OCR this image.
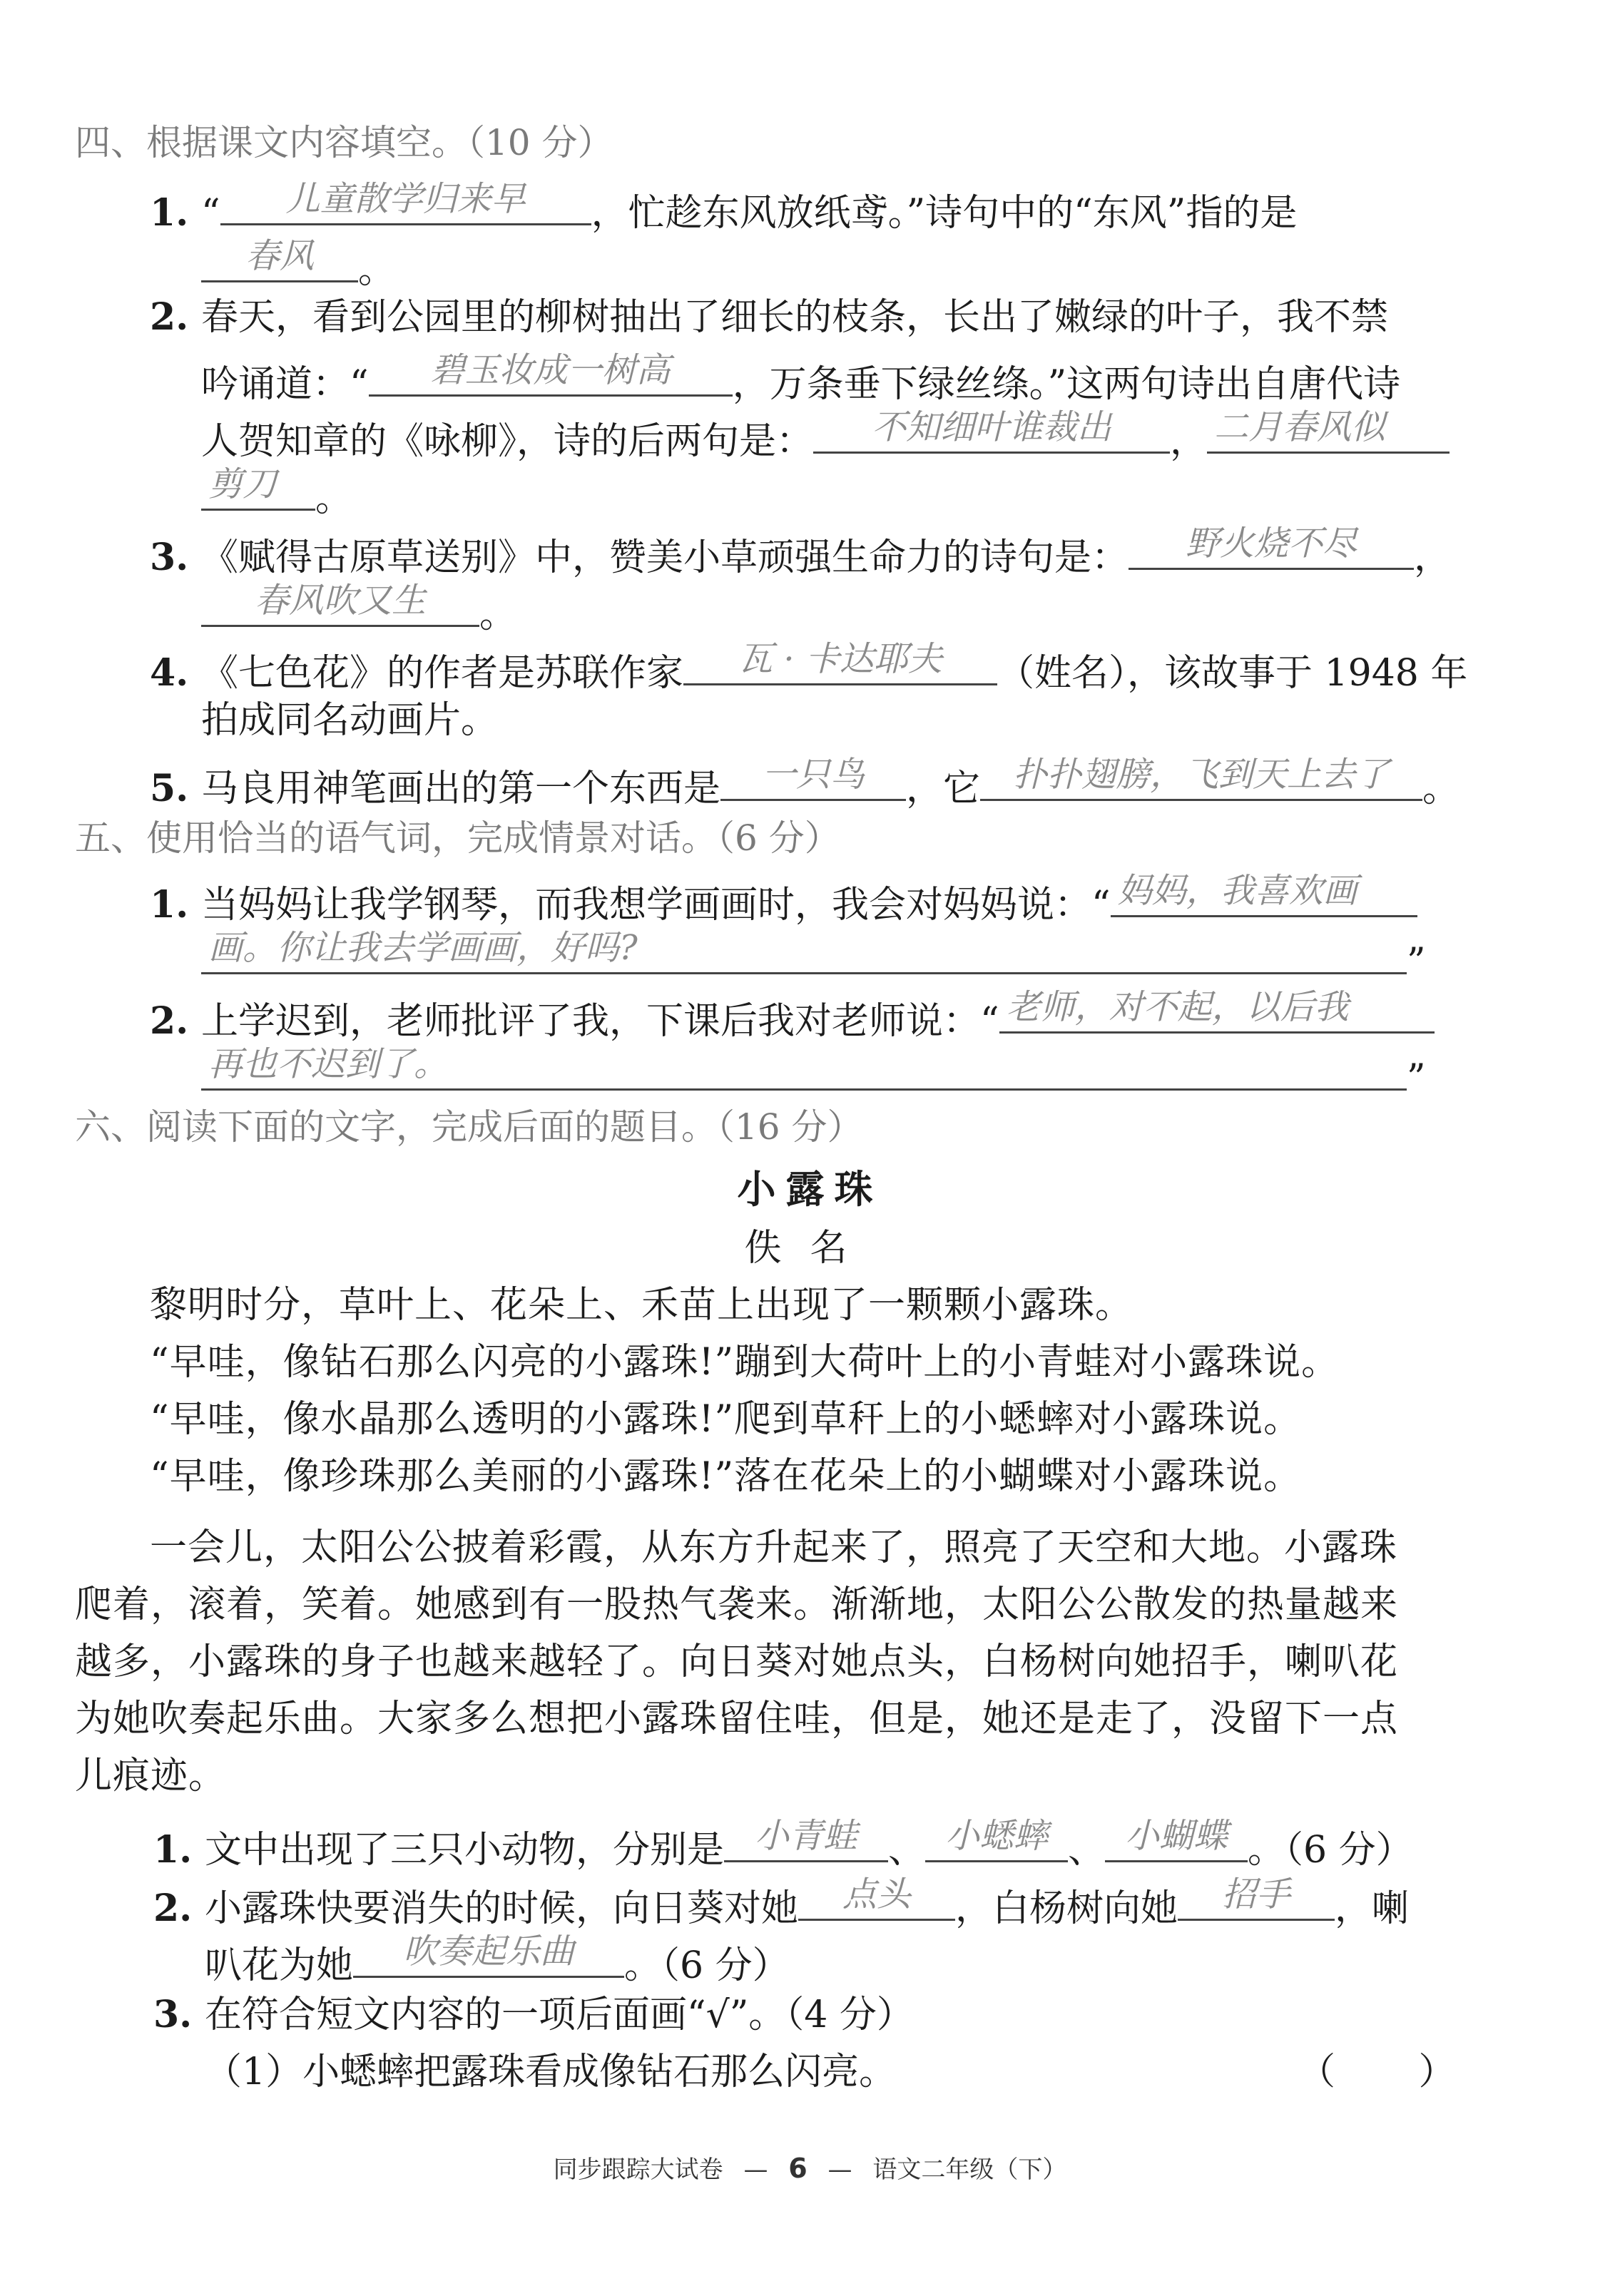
四、根据课文内容填空。（10 分）
1. “ 儿童散学归来早 ，忙趁东风放纸鸢。”诗句中的“东风”指的是
春风 。
2. 春天，看到公园里的柳树抽出了细长的枝条，长出了嫩绿的叶子，我不禁
吟诵道：“ 碧玉妆成一树高 ，万条垂下绿丝绦。”这两句诗出自唐代诗
人贺知章的《咏柳》，诗的后两句是： 不知细叶谁裁出 ， 二月春风似
剪刀 。
3. 《赋得古原草送别》中，赞美小草顽强生命力的诗句是： 野火烧不尽 ，
春风吹又生 。
4. 《七色花》的作者是苏联作家 瓦 · 卡达耶夫 （姓名），该故事于 1948 年
拍成同名动画片。
5. 马良用神笔画出的第一个东西是 一只鸟 ，它 扑扑翅膀，飞到天上去了 。
五、使用恰当的语气词，完成情景对话。（6 分）
1. 当妈妈让我学钢琴，而我想学画画时，我会对妈妈说：“ 妈妈，我喜欢画
画。你让我去学画画，好吗?	”
2. 上学迟到，老师批评了我，下课后我对老师说：“ 老师，对不起，以后我
再也不迟到了。	”
六、阅读下面的文字，完成后面的题目。（16 分）
小露珠
佚名
黎明时分，草叶上、花朵上、禾苗上出现了一颗颗小露珠。
“早哇，像钻石那么闪亮的小露珠!”蹦到大荷叶上的小青蛙对小露珠说。
“早哇，像水晶那么透明的小露珠!”爬到草秆上的小蟋蟀对小露珠说。
“早哇，像珍珠那么美丽的小露珠!”落在花朵上的小蝴蝶对小露珠说。
一会儿，太阳公公披着彩霞，从东方升起来了，照亮了天空和大地。小露珠
爬着，滚着，笑着。她感到有一股热气袭来。渐渐地，太阳公公散发的热量越来
越多，小露珠的身子也越来越轻了。向日葵对她点头，白杨树向她招手，喇叭花
为她吹奏起乐曲。大家多么想把小露珠留住哇，但是，她还是走了，没留下一点
儿痕迹。
1. 文中出现了三只小动物，分别是 小青蛙 、 小蟋蟀 、 小蝴蝶 。（6 分）
2. 小露珠快要消失的时候，向日葵对她 点头 ，白杨树向她 招手 ，喇
叭花为她 吹奏起乐曲 。（6 分）
3. 在符合短文内容的一项后面画“√”。（4 分）
（1）小蟋蟀把露珠看成像钻石那么闪亮。	（ ）
同步跟踪大试卷 — 6 — 语文二年级（下）
